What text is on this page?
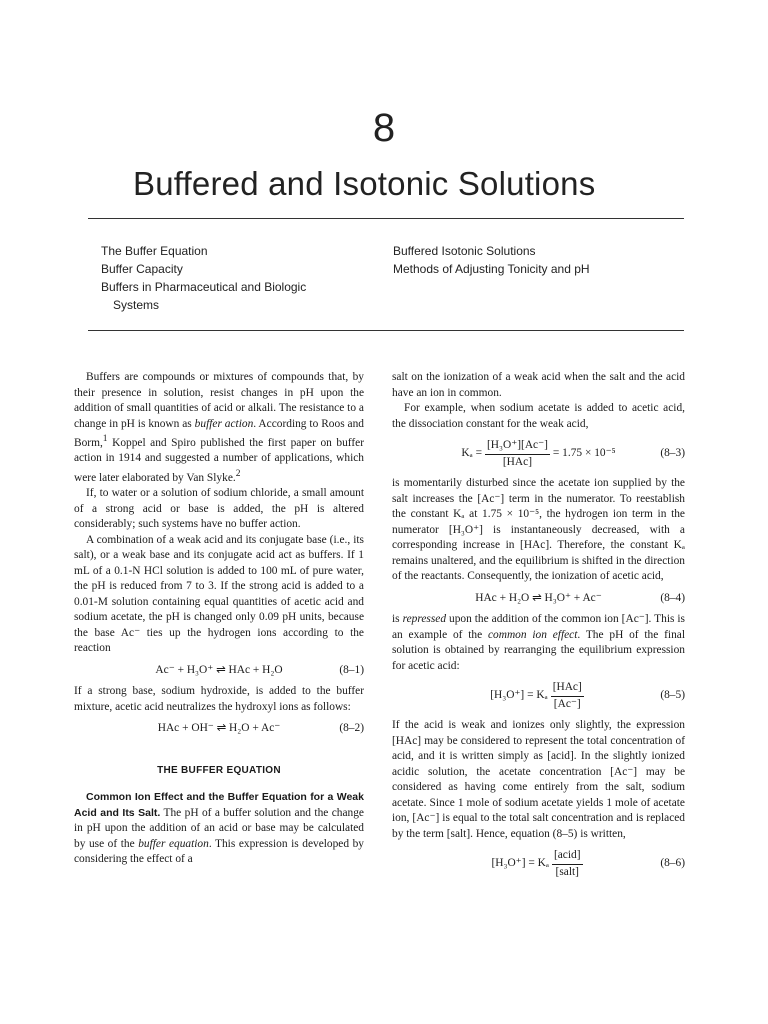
8
Buffered and Isotonic Solutions
The Buffer Equation
Buffer Capacity
Buffers in Pharmaceutical and Biologic
Systems
Buffered Isotonic Solutions
Methods of Adjusting Tonicity and pH

Buffers are compounds or mixtures of compounds that, by their presence in solution, resist changes in pH upon the addition of small quantities of acid or alkali. The resistance to a change in pH is known as buffer action. According to Roos and Borm,$^1$ Koppel and Spiro published the first paper on buffer action in 1914 and suggested a number of applications, which were later elaborated by Van Slyke.$^2$

If, to water or a solution of sodium chloride, a small amount of a strong acid or base is added, the pH is altered considerably; such systems have no buffer action.

A combination of a weak acid and its conjugate base (i.e., its salt), or a weak base and its conjugate acid act as buffers. If 1 mL of a 0.1-N HCl solution is added to 100 mL of pure water, the pH is reduced from 7 to 3. If the strong acid is added to a 0.01-M solution containing equal quantities of acetic acid and sodium acetate, the pH is changed only 0.09 pH units, because the base Ac⁻ ties up the hydrogen ions according to the reaction

Ac⁻ + H₃O⁺ ⇌ HAc + H₂O	(8–1)

If a strong base, sodium hydroxide, is added to the buffer mixture, acetic acid neutralizes the hydroxyl ions as follows:

HAc + OH⁻ ⇌ H₂O + Ac⁻	(8–2)
THE BUFFER EQUATION

Common Ion Effect and the Buffer Equation for a Weak Acid and Its Salt. The pH of a buffer solution and the change in pH upon the addition of an acid or base may be calculated by use of the buffer equation. This expression is developed by considering the effect of a

salt on the ionization of a weak acid when the salt and the acid have an ion in common.

For example, when sodium acetate is added to acetic acid, the dissociation constant for the weak acid,

$K_a = \frac{\text{[H₃O⁺][Ac⁻]}}{\text{[HAc]}} = 1.75 \times 10^{-5}$	(8–3)

is momentarily disturbed since the acetate ion supplied by the salt increases the [Ac⁻] term in the numerator. To reestablish the constant Kₐ at 1.75 × 10⁻⁵, the hydrogen ion term in the numerator [H₃O⁺] is instantaneously decreased, with a corresponding increase in [HAc]. Therefore, the constant Kₐ remains unaltered, and the equilibrium is shifted in the direction of the reactants. Consequently, the ionization of acetic acid,

HAc + H₂O ⇌ H₃O⁺ + Ac⁻	(8–4)

is repressed upon the addition of the common ion [Ac⁻]. This is an example of the common ion effect. The pH of the final solution is obtained by rearranging the equilibrium expression for acetic acid:

[H₃O⁺] = Kₐ $\frac{\text{[HAc]}}{[Ac^-]}$	(8–5)

If the acid is weak and ionizes only slightly, the expression [HAc] may be considered to represent the total concentration of acid, and it is written simply as [acid]. In the slightly ionized acidic solution, the acetate concentration [Ac⁻] may be considered as having come entirely from the salt, sodium acetate. Since 1 mole of sodium acetate yields 1 mole of acetate ion, [Ac⁻] is equal to the total salt concentration and is replaced by the term [salt]. Hence, equation (8–5) is written,

[H₃O⁺] = Kₐ $\frac{\text{[acid]}}{\text{[salt]}}$	(8–6)
